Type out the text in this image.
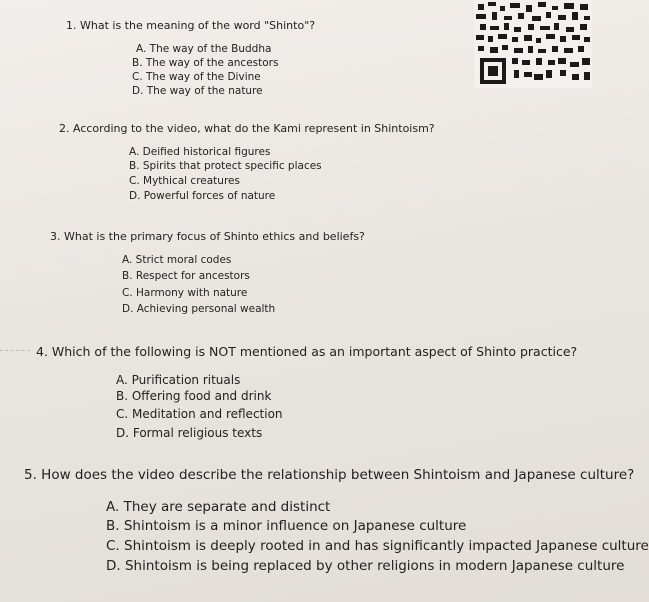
1. What is the meaning of the word "Shinto"?

A. The way of the Buddha

B. The way of the ancestors

C. The way of the Divine

D. The way of the nature

2. According to the video, what do the Kami represent in Shintoism?

A. Deified historical figures

B. Spirits that protect specific places

C. Mythical creatures

D. Powerful forces of nature

3. What is the primary focus of Shinto ethics and beliefs?

A. Strict moral codes

B. Respect for ancestors

C. Harmony with nature

D. Achieving personal wealth

4. Which of the following is NOT mentioned as an important aspect of Shinto practice?

A. Purification rituals

B. Offering food and drink

C. Meditation and reflection

D. Formal religious texts

5. How does the video describe the relationship between Shintoism and Japanese culture?

A. They are separate and distinct

B. Shintoism is a minor influence on Japanese culture

C. Shintoism is deeply rooted in and has significantly impacted Japanese culture

D. Shintoism is being replaced by other religions in modern Japanese culture
